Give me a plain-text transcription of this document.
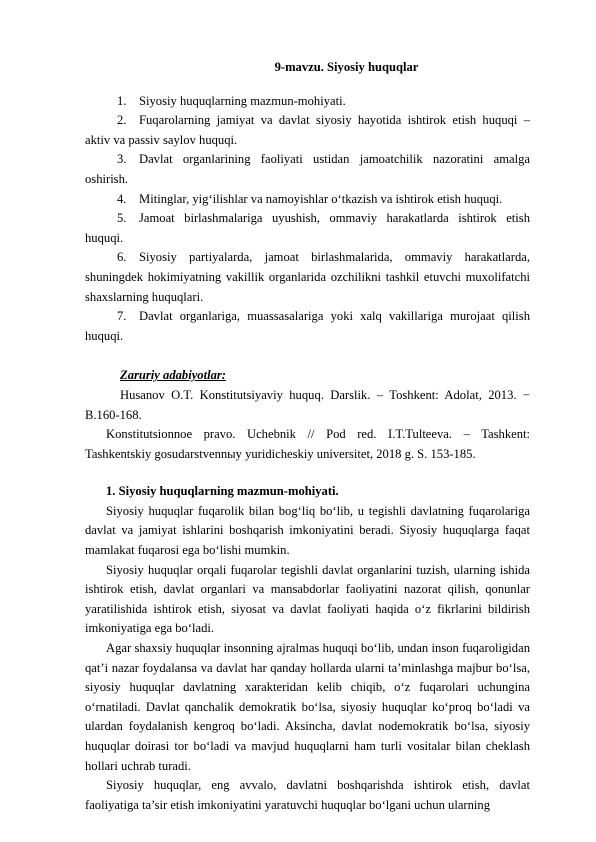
9-mavzu. Siyosiy huquqlar

1. Siyosiy huquqlarning mazmun-mohiyati.

2. Fuqarolarning jamiyat va davlat siyosiy hayotida ishtirok etish huquqi – aktiv va passiv saylov huquqi.

3. Davlat organlarining faoliyati ustidan jamoatchilik nazoratini amalga oshirish.

4. Mitinglar, yig‘ilishlar va namoyishlar o‘tkazish va ishtirok etish huquqi.

5. Jamoat birlashmalariga uyushish, ommaviy harakatlarda ishtirok etish huquqi.

6. Siyosiy partiyalarda, jamoat birlashmalarida, ommaviy harakatlarda, shuningdek hokimiyatning vakillik organlarida ozchilikni tashkil etuvchi muxolifatchi shaxslarning huquqlari.

7. Davlat organlariga, muassasalariga yoki xalq vakillariga murojaat qilish huquqi.

Zaruriy adabiyotlar:

Husanov O.T. Konstitutsiyaviy huquq. Darslik. – Toshkent: Adolat, 2013. − B.160-168.

Konstitutsionnoe pravo. Uchebnik // Pod red. I.T.Tulteeva. – Tashkent: Tashkentskiy gosudarstvennыy yuridicheskiy universitet, 2018 g. S. 153-185.

1. Siyosiy huquqlarning mazmun-mohiyati.

Siyosiy huquqlar fuqarolik bilan bog‘liq bo‘lib, u tegishli davlatning fuqarolariga davlat va jamiyat ishlarini boshqarish imkoniyatini beradi. Siyosiy huquqlarga faqat mamlakat fuqarosi ega bo‘lishi mumkin.

Siyosiy huquqlar orqali fuqarolar tegishli davlat organlarini tuzish, ularning ishida ishtirok etish, davlat organlari va mansabdorlar faoliyatini nazorat qilish, qonunlar yaratilishida ishtirok etish, siyosat va davlat faoliyati haqida o‘z fikrlarini bildirish imkoniyatiga ega bo‘ladi.

Agar shaxsiy huquqlar insonning ajralmas huquqi bo‘lib, undan inson fuqaroligidan qat’i nazar foydalansa va davlat har qanday hollarda ularni ta’minlashga majbur bo‘lsa, siyosiy huquqlar davlatning xarakteridan kelib chiqib, o‘z fuqarolari uchungina o‘rnatiladi. Davlat qanchalik demokratik bo‘lsa, siyosiy huquqlar ko‘proq bo‘ladi va ulardan foydalanish kengroq bo‘ladi. Aksincha, davlat nodemokratik bo‘lsa, siyosiy huquqlar doirasi tor bo‘ladi va mavjud huquqlarni ham turli vositalar bilan cheklash hollari uchrab turadi.

Siyosiy huquqlar, eng avvalo, davlatni boshqarishda ishtirok etish, davlat faoliyatiga ta’sir etish imkoniyatini yaratuvchi huquqlar bo‘lgani uchun ularning
